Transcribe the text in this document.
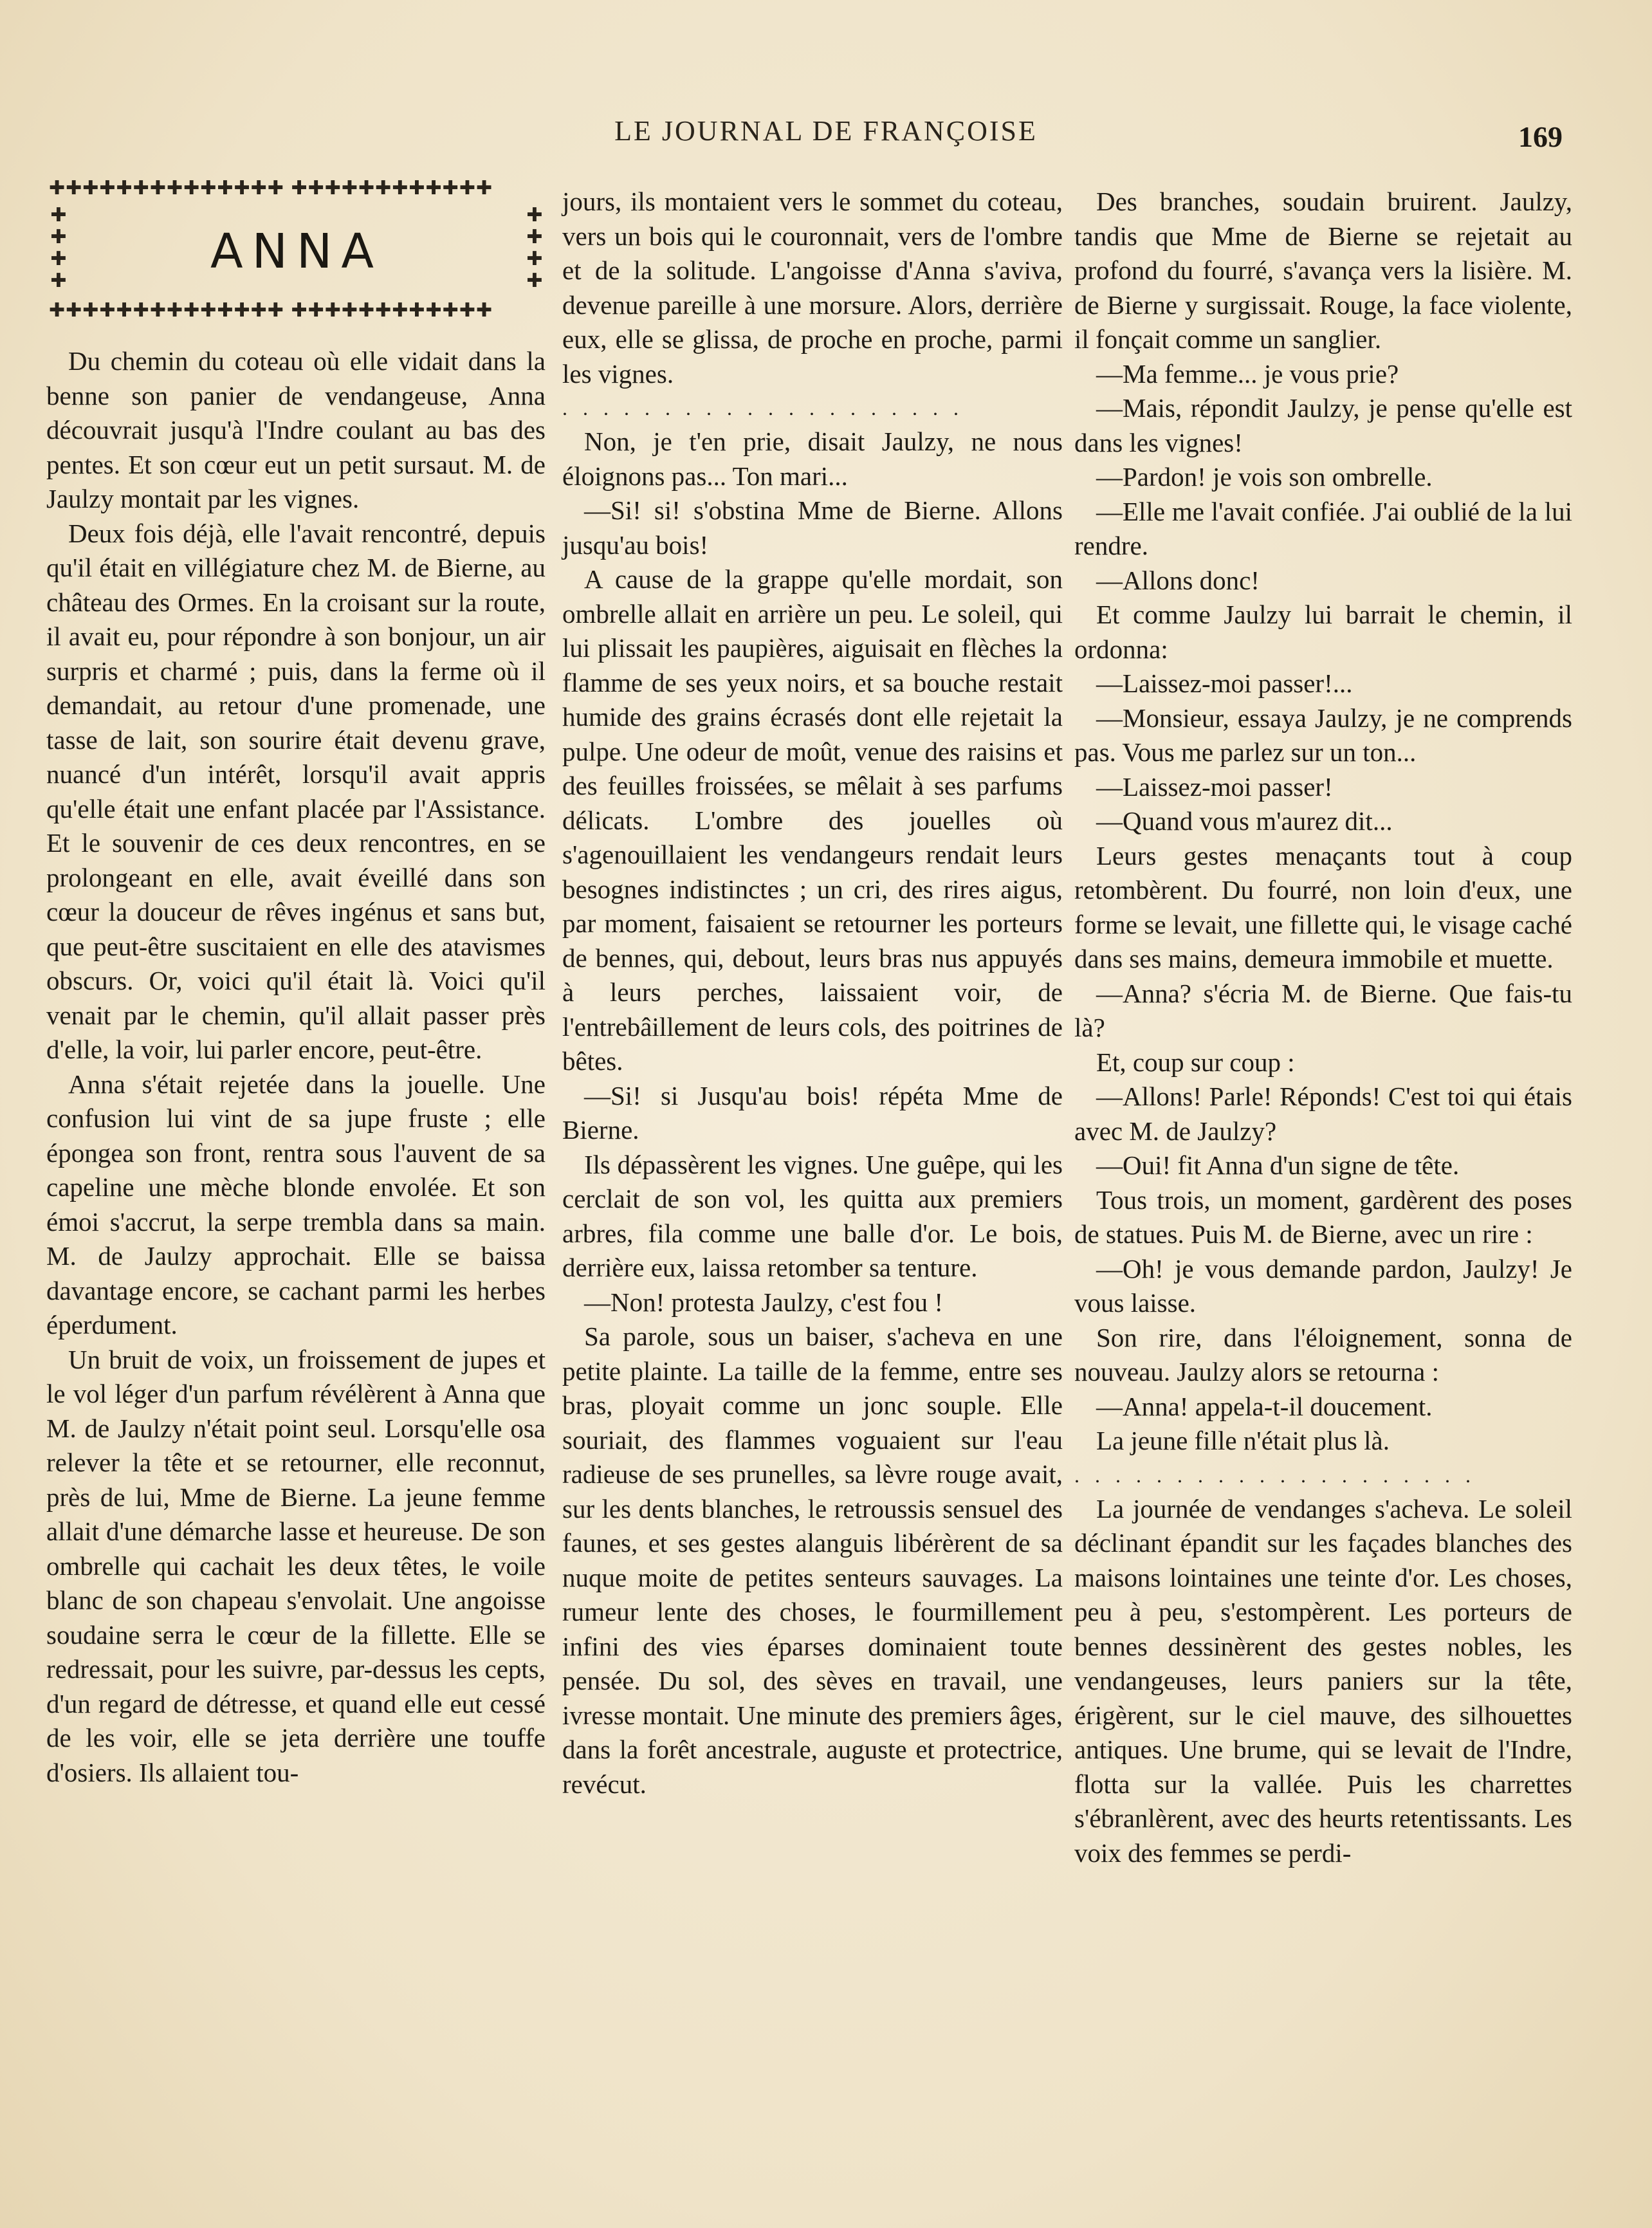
LE JOURNAL DE FRANÇOISE	169
✚✚✚✚✚✚✚✚✚✚✚✚✚✚ ✚✚✚✚✚✚✚✚✚✚✚✚
✚
✚
✚
✚
✚
✚
✚
✚
ANNA
✚✚✚✚✚✚✚✚✚✚✚✚✚✚ ✚✚✚✚✚✚✚✚✚✚✚✚

Du chemin du coteau où elle vidait dans la benne son panier de vendangeuse, Anna découvrait jusqu'à l'Indre coulant au bas des pentes. Et son cœur eut un petit sursaut. M. de Jaulzy montait par les vignes.

Deux fois déjà, elle l'avait rencontré, depuis qu'il était en villégiature chez M. de Bierne, au château des Ormes. En la croisant sur la route, il avait eu, pour répondre à son bonjour, un air surpris et charmé ; puis, dans la ferme où il demandait, au retour d'une promenade, une tasse de lait, son sourire était devenu grave, nuancé d'un intérêt, lorsqu'il avait appris qu'elle était une enfant placée par l'Assistance. Et le souvenir de ces deux rencontres, en se prolongeant en elle, avait éveillé dans son cœur la douceur de rêves ingénus et sans but, que peut-être suscitaient en elle des atavismes obscurs. Or, voici qu'il était là. Voici qu'il venait par le chemin, qu'il allait passer près d'elle, la voir, lui parler encore, peut-être.

Anna s'était rejetée dans la jouelle. Une confusion lui vint de sa jupe fruste ; elle épongea son front, rentra sous l'auvent de sa capeline une mèche blonde envolée. Et son émoi s'accrut, la serpe trembla dans sa main. M. de Jaulzy approchait. Elle se baissa davantage encore, se cachant parmi les herbes éperdument.

Un bruit de voix, un froissement de jupes et le vol léger d'un parfum révélèrent à Anna que M. de Jaulzy n'était point seul. Lorsqu'elle osa relever la tête et se retourner, elle reconnut, près de lui, Mme de Bierne. La jeune femme allait d'une démarche lasse et heureuse. De son ombrelle qui cachait les deux têtes, le voile blanc de son chapeau s'envolait. Une angoisse soudaine serra le cœur de la fillette. Elle se redressait, pour les suivre, par-dessus les cepts, d'un regard de détresse, et quand elle eut cessé de les voir, elle se jeta derrière une touffe d'osiers. Ils allaient tou-

jours, ils montaient vers le sommet du coteau, vers un bois qui le couronnait, vers de l'ombre et de la solitude. L'angoisse d'Anna s'aviva, devenue pareille à une morsure. Alors, derrière eux, elle se glissa, de proche en proche, parmi les vignes.

. . . . . . . . . . . . . . . . . . . .

Non, je t'en prie, disait Jaulzy, ne nous éloignons pas... Ton mari...

—Si! si! s'obstina Mme de Bierne. Allons jusqu'au bois!

A cause de la grappe qu'elle mordait, son ombrelle allait en arrière un peu. Le soleil, qui lui plissait les paupières, aiguisait en flèches la flamme de ses yeux noirs, et sa bouche restait humide des grains écrasés dont elle rejetait la pulpe. Une odeur de moût, venue des raisins et des feuilles froissées, se mêlait à ses parfums délicats. L'ombre des jouelles où s'agenouillaient les vendangeurs rendait leurs besognes indistinctes ; un cri, des rires aigus, par moment, faisaient se retourner les porteurs de bennes, qui, debout, leurs bras nus appuyés à leurs perches, laissaient voir, de l'entrebâillement de leurs cols, des poitrines de bêtes.

—Si! si Jusqu'au bois! répéta Mme de Bierne.

Ils dépassèrent les vignes. Une guêpe, qui les cerclait de son vol, les quitta aux premiers arbres, fila comme une balle d'or. Le bois, derrière eux, laissa retomber sa tenture.

—Non! protesta Jaulzy, c'est fou !

Sa parole, sous un baiser, s'acheva en une petite plainte. La taille de la femme, entre ses bras, ployait comme un jonc souple. Elle souriait, des flammes voguaient sur l'eau radieuse de ses prunelles, sa lèvre rouge avait, sur les dents blanches, le retroussis sensuel des faunes, et ses gestes alanguis libérèrent de sa nuque moite de petites senteurs sauvages. La rumeur lente des choses, le fourmillement infini des vies éparses dominaient toute pensée. Du sol, des sèves en travail, une ivresse montait. Une minute des premiers âges, dans la forêt ancestrale, auguste et protectrice, revécut.

Des branches, soudain bruirent. Jaulzy, tandis que Mme de Bierne se rejetait au profond du fourré, s'avança vers la lisière. M. de Bierne y surgissait. Rouge, la face violente, il fonçait comme un sanglier.

—Ma femme... je vous prie?

—Mais, répondit Jaulzy, je pense qu'elle est dans les vignes!

—Pardon! je vois son ombrelle.

—Elle me l'avait confiée. J'ai oublié de la lui rendre.

—Allons donc!

Et comme Jaulzy lui barrait le chemin, il ordonna:

—Laissez-moi passer!...

—Monsieur, essaya Jaulzy, je ne comprends pas. Vous me parlez sur un ton...

—Laissez-moi passer!

—Quand vous m'aurez dit...

Leurs gestes menaçants tout à coup retombèrent. Du fourré, non loin d'eux, une forme se levait, une fillette qui, le visage caché dans ses mains, demeura immobile et muette.

—Anna? s'écria M. de Bierne. Que fais-tu là?

Et, coup sur coup :

—Allons! Parle! Réponds! C'est toi qui étais avec M. de Jaulzy?

—Oui! fit Anna d'un signe de tête.

Tous trois, un moment, gardèrent des poses de statues. Puis M. de Bierne, avec un rire :

—Oh! je vous demande pardon, Jaulzy! Je vous laisse.

Son rire, dans l'éloignement, sonna de nouveau. Jaulzy alors se retourna :

—Anna! appela-t-il doucement.

La jeune fille n'était plus là.

. . . . . . . . . . . . . . . . . . . .

La journée de vendanges s'acheva. Le soleil déclinant épandit sur les façades blanches des maisons lointaines une teinte d'or. Les choses, peu à peu, s'estompèrent. Les porteurs de bennes dessinèrent des gestes nobles, les vendangeuses, leurs paniers sur la tête, érigèrent, sur le ciel mauve, des silhouettes antiques. Une brume, qui se levait de l'Indre, flotta sur la vallée. Puis les charrettes s'ébranlèrent, avec des heurts retentissants. Les voix des femmes se perdi-
